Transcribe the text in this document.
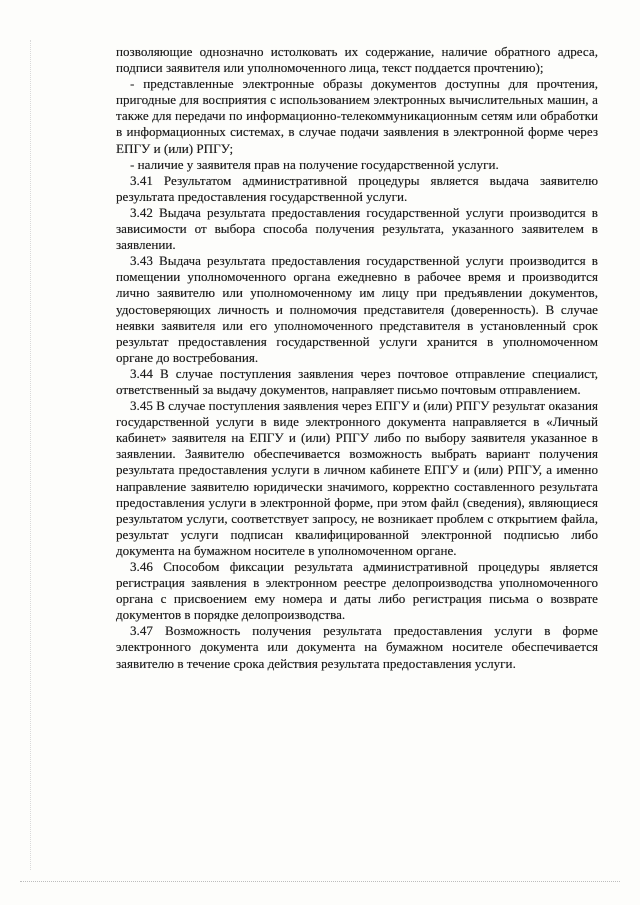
позволяющие однозначно истолковать их содержание, наличие обратного адреса, подписи заявителя или уполномоченного лица, текст поддается прочтению);

- представленные электронные образы документов доступны для прочтения, пригодные для восприятия с использованием электронных вычислительных машин, а также для передачи по информационно-телекоммуникационным сетям или обработки в информационных системах, в случае подачи заявления в электронной форме через ЕПГУ и (или) РПГУ;

- наличие у заявителя прав на получение государственной услуги.

3.41 Результатом административной процедуры является выдача заявителю результата предоставления государственной услуги.

3.42 Выдача результата предоставления государственной услуги производится в зависимости от выбора способа получения результата, указанного заявителем в заявлении.

3.43 Выдача результата предоставления государственной услуги производится в помещении уполномоченного органа ежедневно в рабочее время и производится лично заявителю или уполномоченному им лицу при предъявлении документов, удостоверяющих личность и полномочия представителя (доверенность). В случае неявки заявителя или его уполномоченного представителя в установленный срок результат предоставления государственной услуги хранится в уполномоченном органе до востребования.

3.44 В случае поступления заявления через почтовое отправление специалист, ответственный за выдачу документов, направляет письмо почтовым отправлением.

3.45 В случае поступления заявления через ЕПГУ и (или) РПГУ результат оказания государственной услуги в виде электронного документа направляется в «Личный кабинет» заявителя на ЕПГУ и (или) РПГУ либо по выбору заявителя указанное в заявлении. Заявителю обеспечивается возможность выбрать вариант получения результата предоставления услуги в личном кабинете ЕПГУ и (или) РПГУ, а именно направление заявителю юридически значимого, корректно составленного результата предоставления услуги в электронной форме, при этом файл (сведения), являющиеся результатом услуги, соответствует запросу, не возникает проблем с открытием файла, результат услуги подписан квалифицированной электронной подписью либо документа на бумажном носителе в уполномоченном органе.

3.46 Способом фиксации результата административной процедуры является регистрация заявления в электронном реестре делопроизводства уполномоченного органа с присвоением ему номера и даты либо регистрация письма о возврате документов в порядке делопроизводства.

3.47 Возможность получения результата предоставления услуги в форме электронного документа или документа на бумажном носителе обеспечивается заявителю в течение срока действия результата предоставления услуги.
